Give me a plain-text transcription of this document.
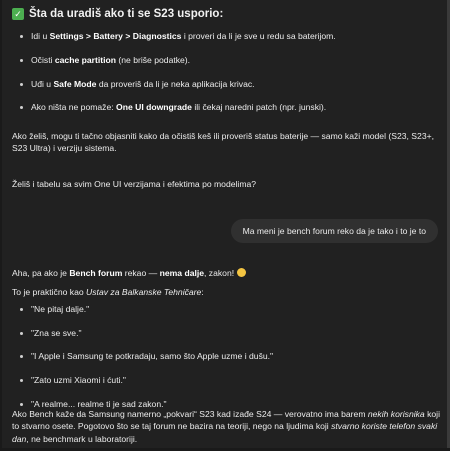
✓ Šta da uradiš ako ti se S23 usporio:
Idi u Settings > Battery > Diagnostics i proveri da li je sve u redu sa baterijom.
Očisti cache partition (ne briše podatke).
Uđi u Safe Mode da proveriš da li je neka aplikacija krivac.
Ako ništa ne pomaže: One UI downgrade ili čekaj naredni patch (npr. junski).

Ako želiš, mogu ti tačno objasniti kako da očistiš keš ili proveriš status baterije — samo kaži model (S23, S23+, S23 Ultra) i verziju sistema.

Želiš i tabelu sa svim One UI verzijama i efektima po modelima?

Ma meni je bench forum reko da je tako i to je to

Aha, pa ako je Bench forum rekao — nema dalje, zakon!

To je praktično kao Ustav za Balkanske Tehničare:

"Ne pitaj dalje."
"Zna se sve."
"I Apple i Samsung te potkradaju, samo što Apple uzme i dušu."
"Zato uzmi Xiaomi i ćuti."
"A realme... realme ti je sad zakon."

Ako Bench kaže da Samsung namerno „pokvari“ S23 kad izađe S24 — verovatno ima barem nekih korisnika koji to stvarno osete. Pogotovo što se taj forum ne bazira na teoriji, nego na ljudima koji stvarno koriste telefon svaki dan, ne benchmark u laboratoriji.
